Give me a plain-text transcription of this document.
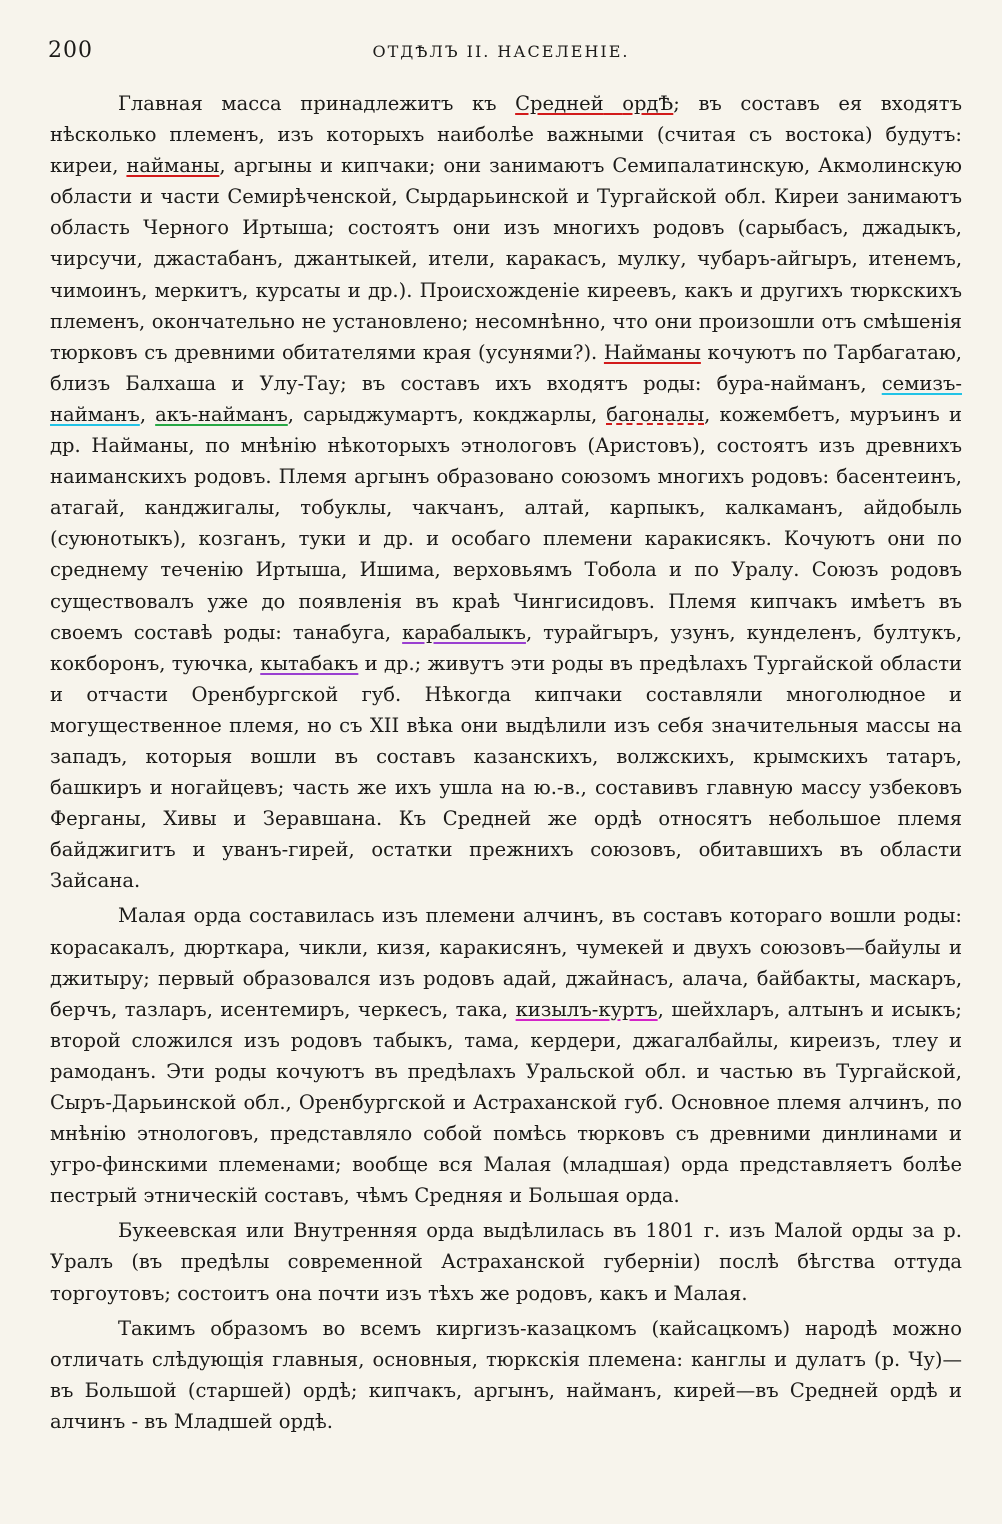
200	ОТДѢЛЪ II. НАСЕЛЕНIЕ.

Главная масса принадлежитъ къ Средней ордѢ; въ составъ ея входятъ нѣсколько племенъ, изъ которыхъ наиболѣе важными (считая съ востока) будутъ: киреи, найманы, аргыны и кипчаки; они занимаютъ Семипалатинскую, Акмолинскую области и части Семирѣченской, Сырдарьинской и Тургайской обл. Киреи занимаютъ область Черного Иртыша; состоятъ они изъ многихъ родовъ (сарыбасъ, джадыкъ, чирсучи, джастабанъ, джантыкей, ители, каракасъ, мулку, чубаръ-айгыръ, итенемъ, чимоинъ, меркитъ, курсаты и др.). Происхожденіе киреевъ, какъ и другихъ тюркскихъ племенъ, окончательно не установлено; несомнѣнно, что они произошли отъ смѣшенія тюрковъ съ древними обитателями края (усунями?). Найманы кочуютъ по Тарбагатаю, близъ Балхаша и Улу-Тау; въ составъ ихъ входятъ роды: бура-найманъ, семизъ-найманъ, акъ-найманъ, сарыджумартъ, кокджарлы, багоналы, кожембетъ, муръинъ и др. Найманы, по мнѣнію нѣкоторыхъ этнологовъ (Аристовъ), состоятъ изъ древнихъ наиманскихъ родовъ. Племя аргынъ образовано союзомъ многихъ родовъ: басентеинъ, атагай, канджигалы, тобуклы, чакчанъ, алтай, карпыкъ, калкаманъ, айдобыль (суюнотыкъ), козганъ, туки и др. и особаго племени каракисякъ. Кочуютъ они по среднему теченію Иртыша, Ишима, верховьямъ Тобола и по Уралу. Союзъ родовъ существовалъ уже до появленія въ краѣ Чингисидовъ. Племя кипчакъ имѣетъ въ своемъ составѣ роды: танабуга, карабалыкъ, турайгыръ, узунъ, кунделенъ, бултукъ, кокборонъ, туючка, кытабакъ и др.; живутъ эти роды въ предѣлахъ Тургайской области и отчасти Оренбургской губ. Нѣкогда кипчаки составляли многолюдное и могущественное племя, но съ XII вѣка они выдѣлили изъ себя значительныя массы на западъ, которыя вошли въ составъ казанскихъ, волжскихъ, крымскихъ татаръ, башкиръ и ногайцевъ; часть же ихъ ушла на ю.-в., составивъ главную массу узбековъ Ферганы, Хивы и Зеравшана. Къ Средней же ордѣ относятъ небольшое племя байджигитъ и уванъ-гирей, остатки прежнихъ союзовъ, обитавшихъ въ области Зайсана.

Малая орда составилась изъ племени алчинъ, въ составъ котораго вошли роды: корасакалъ, дюрткара, чикли, кизя, каракисянъ, чумекей и двухъ союзовъ—байулы и джитыру; первый образовался изъ родовъ адай, джайнасъ, алача, байбакты, маскаръ, берчъ, тазларъ, исентемиръ, черкесъ, така, кизылъ-куртъ, шейхларъ, алтынъ и исыкъ; второй сложился изъ родовъ табыкъ, тама, кердери, джагалбайлы, киреизъ, тлеу и рамоданъ. Эти роды кочуютъ въ предѣлахъ Уральской обл. и частью въ Тургайской, Сыръ-Дарьинской обл., Оренбургской и Астраханской губ. Основное племя алчинъ, по мнѣнію этнологовъ, представляло собой помѣсь тюрковъ съ древними динлинами и угро-финскими племенами; вообще вся Малая (младшая) орда представляетъ болѣе пестрый этническій составъ, чѣмъ Средняя и Большая орда.

Букеевская или Внутренняя орда выдѣлилась въ 1801 г. изъ Малой орды за р. Уралъ (въ предѣлы современной Астраханской губерніи) послѣ бѣгства оттуда торгоутовъ; состоитъ она почти изъ тѣхъ же родовъ, какъ и Малая.

Такимъ образомъ во всемъ киргизъ-казацкомъ (кайсацкомъ) народѣ можно отличать слѣдующія главныя, основныя, тюркскія племена: канглы и дулатъ (р. Чу)—въ Большой (старшей) ордѣ; кипчакъ, аргынъ, найманъ, кирей—въ Средней ордѣ и алчинъ - въ Младшей ордѣ.
